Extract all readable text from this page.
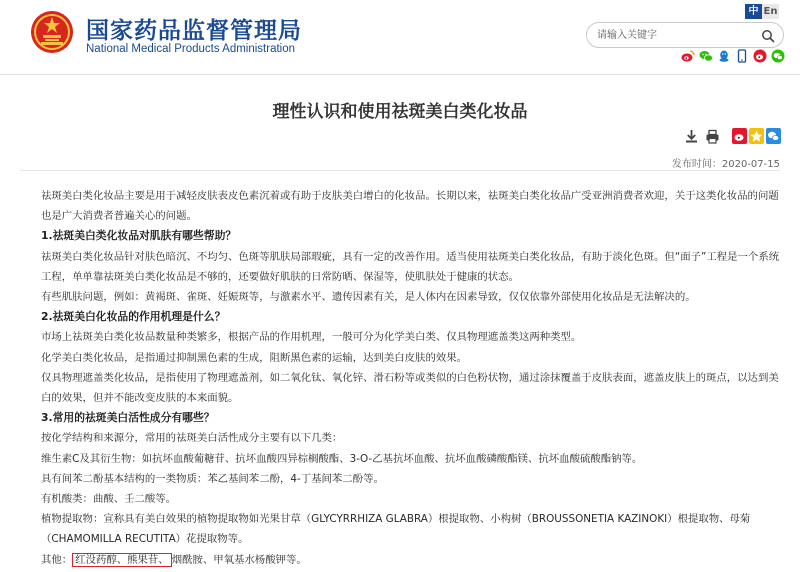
国家药品监督管理局
National Medical Products Administration
中 En
请输入关键字
理性认识和使用祛斑美白类化妆品
发布时间：2020-07-15

祛斑美白类化妆品主要是用于减轻皮肤表皮色素沉着或有助于皮肤美白增白的化妆品。长期以来，祛斑美白类化妆品广受亚洲消费者欢迎，关于这类化妆品的问题也是广大消费者普遍关心的问题。

1.祛斑美白类化妆品对肌肤有哪些帮助？

祛斑美白类化妆品针对肤色暗沉、不均匀、色斑等肌肤局部瑕疵，具有一定的改善作用。适当使用祛斑美白类化妆品，有助于淡化色斑。但“面子”工程是一个系统工程，单单靠祛斑美白类化妆品是不够的，还要做好肌肤的日常防晒、保湿等，使肌肤处于健康的状态。

有些肌肤问题，例如：黄褐斑、雀斑、妊娠斑等，与激素水平、遗传因素有关，是人体内在因素导致，仅仅依靠外部使用化妆品是无法解决的。

2.祛斑美白化妆品的作用机理是什么？

市场上祛斑美白类化妆品数量种类繁多，根据产品的作用机理，一般可分为化学美白类、仅具物理遮盖类这两种类型。

化学美白类化妆品，是指通过抑制黑色素的生成，阻断黑色素的运输，达到美白皮肤的效果。

仅具物理遮盖类化妆品，是指使用了物理遮盖剂，如二氧化钛、氧化锌、滑石粉等或类似的白色粉状物，通过涂抹覆盖于皮肤表面，遮盖皮肤上的斑点，以达到美白的效果，但并不能改变皮肤的本来面貌。

3.常用的祛斑美白活性成分有哪些？

按化学结构和来源分，常用的祛斑美白活性成分主要有以下几类：

维生素C及其衍生物：如抗坏血酸葡糖苷、抗坏血酸四异棕榈酸酯、3-O-乙基抗坏血酸、抗坏血酸磷酸酯镁、抗坏血酸硫酸酯钠等。

具有间苯二酚基本结构的一类物质：苯乙基间苯二酚，4-丁基间苯二酚等。

有机酸类：曲酸、壬二酸等。

植物提取物：宣称具有美白效果的植物提取物如光果甘草（GLYCYRRHIZA GLABRA）根提取物、小构树（BROUSSONETIA KAZINOKI）根提取物、母菊（CHAMOMILLA RECUTITA）花提取物等。

其他： 红没药醇、熊果苷、 烟酰胺、甲氧基水杨酸钾等。
